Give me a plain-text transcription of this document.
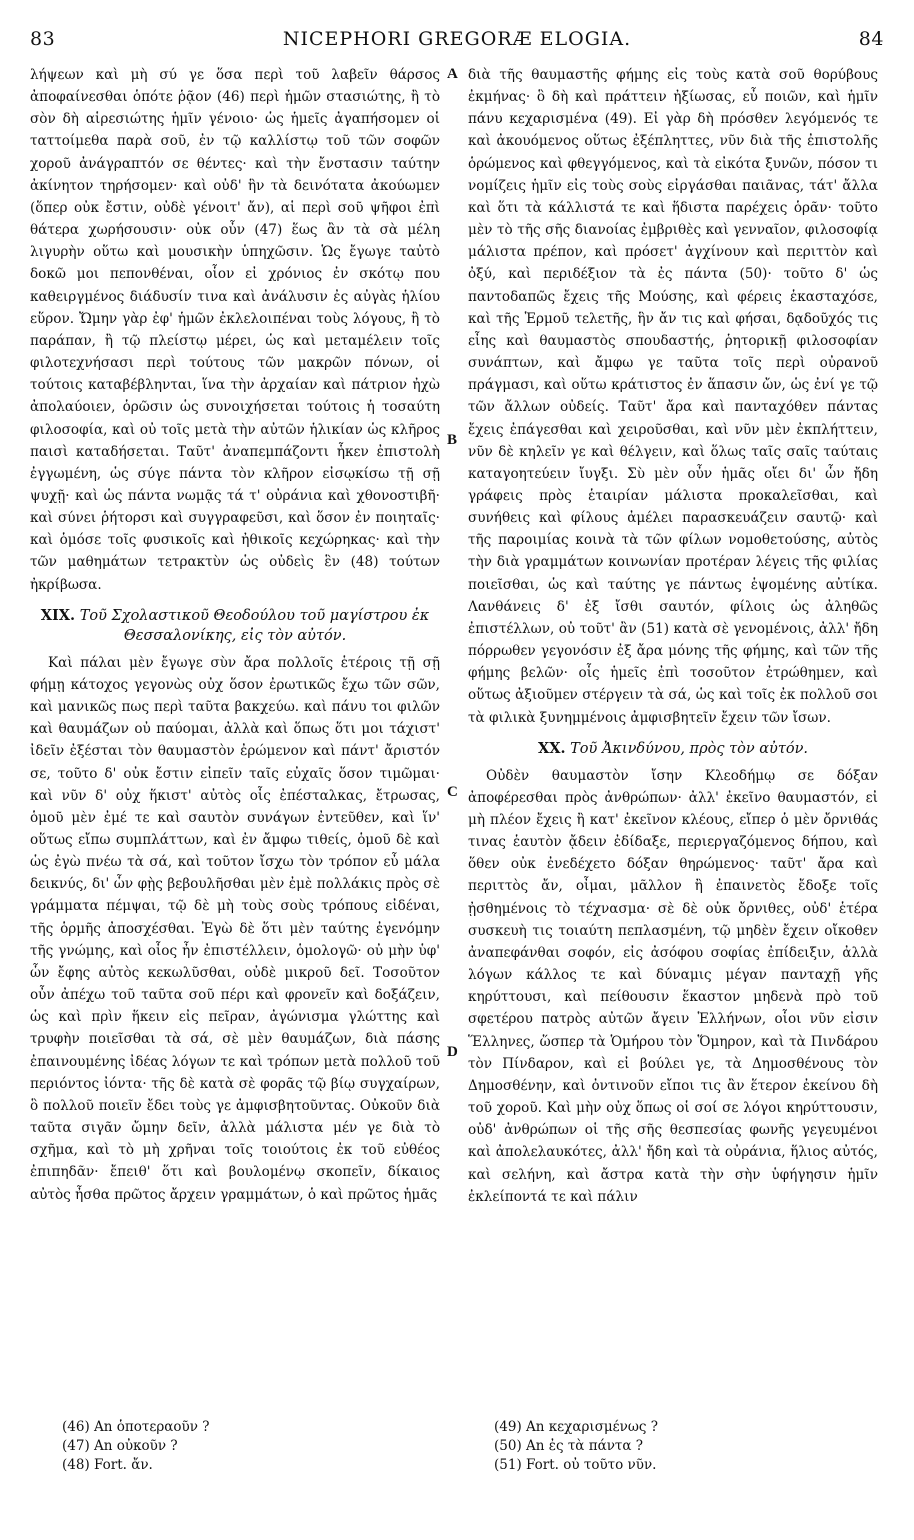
83	NICEPHORI GREGORÆ ELOGIA.	84
A
B
C
D

λήψεων καὶ μὴ σύ γε ὅσα περὶ τοῦ λαβεῖν θάρσος ἀποφαίνεσθαι ὁπότε ῥᾷον (46) περὶ ἡμῶν στασιώτης, ἢ τὸ σὸν δὴ αἱρεσιώτης ἡμῖν γένοιο· ὡς ἡμεῖς ἀγαπήσομεν οἱ ταττοίμεθα παρὰ σοῦ, ἐν τῷ καλλίστῳ τοῦ τῶν σοφῶν χοροῦ ἀνάγραπτόν σε θέντες· καὶ τὴν ἔνστασιν ταύτην ἀκίνητον τηρήσομεν· καὶ οὐδ' ἣν τὰ δεινότατα ἀκούωμεν (ὅπερ οὐκ ἔστιν, οὐδὲ γένοιτ' ἄν), αἱ περὶ σοῦ ψῆφοι ἐπὶ θάτερα χωρήσουσιν· οὐκ οὖν (47) ἕως ἂν τὰ σὰ μέλη λιγυρὴν οὕτω καὶ μουσικὴν ὑπηχῶσιν. Ὡς ἔγωγε ταὐτὸ δοκῶ μοι πεπονθέναι, οἷον εἰ χρόνιος ἐν σκότῳ που καθειργμένος διάδυσίν τινα καὶ ἀνάλυσιν ἐς αὐγὰς ἡλίου εὕρον. Ὤμην γὰρ ἐφ' ἡμῶν ἐκλελοιπέναι τοὺς λόγους, ἢ τὸ παράπαν, ἢ τῷ πλείστῳ μέρει, ὡς καὶ μεταμέλειν τοῖς φιλοτεχνήσασι περὶ τούτους τῶν μακρῶν πόνων, οἱ τούτοις καταβέβληνται, ἵνα τὴν ἀρχαίαν καὶ πάτριον ἠχὼ ἀπολαύοιεν, ὁρῶσιν ὡς συνοιχήσεται τούτοις ἡ τοσαύτη φιλοσοφία, καὶ οὐ τοῖς μετὰ τὴν αὐτῶν ἡλικίαν ὡς κλῆρος παισὶ καταδήσεται. Ταῦτ' ἀναπεμπάζοντι ἧκεν ἐπιστολὴ ἐγγωμένη, ὡς σύγε πάντα τὸν κλῆρον εἰσῳκίσω τῇ σῇ ψυχῇ· καὶ ὡς πάντα νωμᾷς τά τ' οὐράνια καὶ χθονοστιβῆ· καὶ σύνει ῥήτορσι καὶ συγγραφεῦσι, καὶ ὅσον ἐν ποιηταῖς· καὶ ὁμόσε τοῖς φυσικοῖς καὶ ἠθικοῖς κεχώρηκας· καὶ τὴν τῶν μαθημάτων τετρακτὺν ὡς οὐδεὶς ἓν (48) τούτων ἠκρίβωσα.

XIX. Τοῦ Σχολαστικοῦ Θεοδούλου τοῦ μαγίστρου ἐκ Θεσσαλονίκης, εἰς τὸν αὐτόν.

Καὶ πάλαι μὲν ἔγωγε σὺν ἄρα πολλοῖς ἑτέροις τῇ σῇ φήμῃ κάτοχος γεγονὼς οὐχ ὅσον ἐρωτικῶς ἔχω τῶν σῶν, καὶ μανικῶς πως περὶ ταῦτα βακχεύω. καὶ πάνυ τοι φιλῶν καὶ θαυμάζων οὐ παύομαι, ἀλλὰ καὶ ὅπως ὅτι μοι τάχιστ' ἰδεῖν ἐξέσται τὸν θαυμαστὸν ἐρώμενον καὶ πάντ' ἄριστόν σε, τοῦτο δ' οὐκ ἔστιν εἰπεῖν ταῖς εὐχαῖς ὅσον τιμῶμαι· καὶ νῦν δ' οὐχ ἥκιστ' αὐτὸς οἷς ἐπέσταλκας, ἔτρωσας, ὁμοῦ μὲν ἐμέ τε καὶ σαυτὸν συνάγων ἐντεῦθεν, καὶ ἵν' οὕτως εἴπω συμπλάττων, καὶ ἐν ἄμφω τιθείς, ὁμοῦ δὲ καὶ ὡς ἐγὼ πνέω τὰ σά, καὶ τοῦτον ἴσχω τὸν τρόπον εὖ μάλα δεικνύς, δι' ὧν φῂς βεβουλῆσθαι μὲν ἐμὲ πολλάκις πρὸς σὲ γράμματα πέμψαι, τῷ δὲ μὴ τοὺς σοὺς τρόπους εἰδέναι, τῆς ὁρμῆς ἀποσχέσθαι. Ἐγὼ δὲ ὅτι μὲν ταύτης ἐγενόμην τῆς γνώμης, καὶ οἷος ἦν ἐπιστέλλειν, ὁμολογῶ· οὐ μὴν ὑφ' ὧν ἔφης αὐτὸς κεκωλῦσθαι, οὐδὲ μικροῦ δεῖ. Τοσοῦτον οὖν ἀπέχω τοῦ ταῦτα σοῦ πέρι καὶ φρονεῖν καὶ δοξάζειν, ὡς καὶ πρὶν ἥκειν εἰς πεῖραν, ἀγώνισμα γλώττης καὶ τρυφὴν ποιεῖσθαι τὰ σά, σὲ μὲν θαυμάζων, διὰ πάσης ἐπαινουμένης ἰδέας λόγων τε καὶ τρόπων μετὰ πολλοῦ τοῦ περιόντος ἰόντα· τῆς δὲ κατὰ σὲ φορᾶς τῷ βίῳ συγχαίρων, ὃ πολλοῦ ποιεῖν ἔδει τοὺς γε ἀμφισβητοῦντας. Οὐκοῦν διὰ ταῦτα σιγᾶν ὤμην δεῖν, ἀλλὰ μάλιστα μέν γε διὰ τὸ σχῆμα, καὶ τὸ μὴ χρῆναι τοῖς τοιούτοις ἐκ τοῦ εὐθέος ἐπιπηδᾶν· ἔπειθ' ὅτι καὶ βουλομένῳ σκοπεῖν, δίκαιος αὐτὸς ἦσθα πρῶτος ἄρχειν γραμμάτων, ὁ καὶ πρῶτος ἡμᾶς

διὰ τῆς θαυμαστῆς φήμης εἰς τοὺς κατὰ σοῦ θορύβους ἐκμήνας· ὃ δὴ καὶ πράττειν ἠξίωσας, εὖ ποιῶν, καὶ ἡμῖν πάνυ κεχαρισμένα (49). Εἰ γὰρ δὴ πρόσθεν λεγόμενός τε καὶ ἀκουόμενος οὕτως ἐξέπληττες, νῦν διὰ τῆς ἐπιστολῆς ὁρώμενος καὶ φθεγγόμενος, καὶ τὰ εἰκότα ξυνῶν, πόσον τι νομίζεις ἡμῖν εἰς τοὺς σοὺς εἰργάσθαι παιᾶνας, τάτ' ἄλλα καὶ ὅτι τὰ κάλλιστά τε καὶ ἥδιστα παρέχεις ὁρᾶν· τοῦτο μὲν τὸ τῆς σῆς διανοίας ἐμβριθὲς καὶ γενναῖον, φιλοσοφίᾳ μάλιστα πρέπον, καὶ πρόσετ' ἀγχίνουν καὶ περιττὸν καὶ ὀξύ, καὶ περιδέξιον τὰ ἐς πάντα (50)· τοῦτο δ' ὡς παντοδαπῶς ἔχεις τῆς Μούσης, καὶ φέρεις ἑκασταχόσε, καὶ τῆς Ἑρμοῦ τελετῆς, ἣν ἄν τις καὶ φήσαι, δᾳδοῦχός τις εἶης καὶ θαυμαστὸς σπουδαστής, ῥητορικῇ φιλοσοφίαν συνάπτων, καὶ ἄμφω γε ταῦτα τοῖς περὶ οὐρανοῦ πράγμασι, καὶ οὕτω κράτιστος ἐν ἅπασιν ὤν, ὡς ἐνί γε τῷ τῶν ἄλλων οὐδείς. Ταῦτ' ἄρα καὶ πανταχόθεν πάντας ἔχεις ἐπάγεσθαι καὶ χειροῦσθαι, καὶ νῦν μὲν ἐκπλήττειν, νῦν δὲ κηλεῖν γε καὶ θέλγειν, καὶ ὅλως ταῖς σαῖς ταύταις καταγοητεύειν ἴυγξι. Σὺ μὲν οὖν ἡμᾶς οἴει δι' ὧν ἤδη γράφεις πρὸς ἑταιρίαν μάλιστα προκαλεῖσθαι, καὶ συνήθεις καὶ φίλους ἀμέλει παρασκευάζειν σαυτῷ· καὶ τῆς παροιμίας κοινὰ τὰ τῶν φίλων νομοθετούσης, αὐτὸς τὴν διὰ γραμμάτων κοινωνίαν προτέραν λέγεις τῆς φιλίας ποιεῖσθαι, ὡς καὶ ταύτης γε πάντως ἑψομένης αὐτίκα. Λανθάνεις δ' ἐξ ἴσθι σαυτόν, φίλοις ὡς ἀληθῶς ἐπιστέλλων, οὐ τοῦτ' ἂν (51) κατὰ σὲ γενομένοις, ἀλλ' ἤδη πόρρωθεν γεγονόσιν ἐξ ἄρα μόνης τῆς φήμης, καὶ τῶν τῆς φήμης βελῶν· οἷς ἡμεῖς ἐπὶ τοσοῦτον ἐτρώθημεν, καὶ οὕτως ἀξιοῦμεν στέργειν τὰ σά, ὡς καὶ τοῖς ἐκ πολλοῦ σοι τὰ φιλικὰ ξυνημμένοις ἀμφισβητεῖν ἔχειν τῶν ἴσων.

XX. Τοῦ Ἀκινδύνου, πρὸς τὸν αὐτόν.

Οὐδὲν θαυμαστὸν ἴσην Κλεοδήμῳ σε δόξαν ἀποφέρεσθαι πρὸς ἀνθρώπων· ἀλλ' ἐκεῖνο θαυμαστόν, εἰ μὴ πλέον ἔχεις ἢ κατ' ἐκεῖνον κλέους, εἴπερ ὁ μὲν ὄρνιθάς τινας ἑαυτὸν ᾄδειν ἐδίδαξε, περιεργαζόμενος δήπου, καὶ ὅθεν οὐκ ἐνεδέχετο δόξαν θηρώμενος· ταῦτ' ἄρα καὶ περιττὸς ἄν, οἶμαι, μᾶλλον ἢ ἐπαινετὸς ἔδοξε τοῖς ᾐσθημένοις τὸ τέχνασμα· σὲ δὲ οὐκ ὄρνιθες, οὐδ' ἑτέρα συσκευὴ τις τοιαύτη πεπλασμένη, τῷ μηδὲν ἔχειν οἴκοθεν ἀναπεφάνθαι σοφόν, εἰς ἀσόφου σοφίας ἐπίδειξιν, ἀλλὰ λόγων κάλλος τε καὶ δύναμις μέγαν πανταχῇ γῆς κηρύττουσι, καὶ πείθουσιν ἕκαστον μηδενὰ πρὸ τοῦ σφετέρου πατρὸς αὐτῶν ἄγειν Ἑλλήνων, οἷοι νῦν εἰσιν Ἕλληνες, ὥσπερ τὰ Ὁμήρου τὸν Ὅμηρον, καὶ τὰ Πινδάρου τὸν Πίνδαρον, καὶ εἰ βούλει γε, τὰ Δημοσθένους τὸν Δημοσθένην, καὶ ὀντινοῦν εἴποι τις ἂν ἕτερον ἐκείνου δὴ τοῦ χοροῦ. Καὶ μὴν οὐχ ὅπως οἱ σοί σε λόγοι κηρύττουσιν, οὐδ' ἀνθρώπων οἱ τῆς σῆς θεσπεσίας φωνῆς γεγευμένοι καὶ ἀπολελαυκότες, ἀλλ' ἤδη καὶ τὰ οὐράνια, ἥλιος αὐτός, καὶ σελήνη, καὶ ἄστρα κατὰ τὴν σὴν ὑφήγησιν ἡμῖν ἐκλείποντά τε καὶ πάλιν

(46) An ὁποτεραοῦν ?
(47) An οὐκοῦν ?
(48) Fort. ἄν.
(49) An κεχαρισμένως ?
(50) An ἐς τὰ πάντα ?
(51) Fort. οὐ τοῦτο νῦν.
